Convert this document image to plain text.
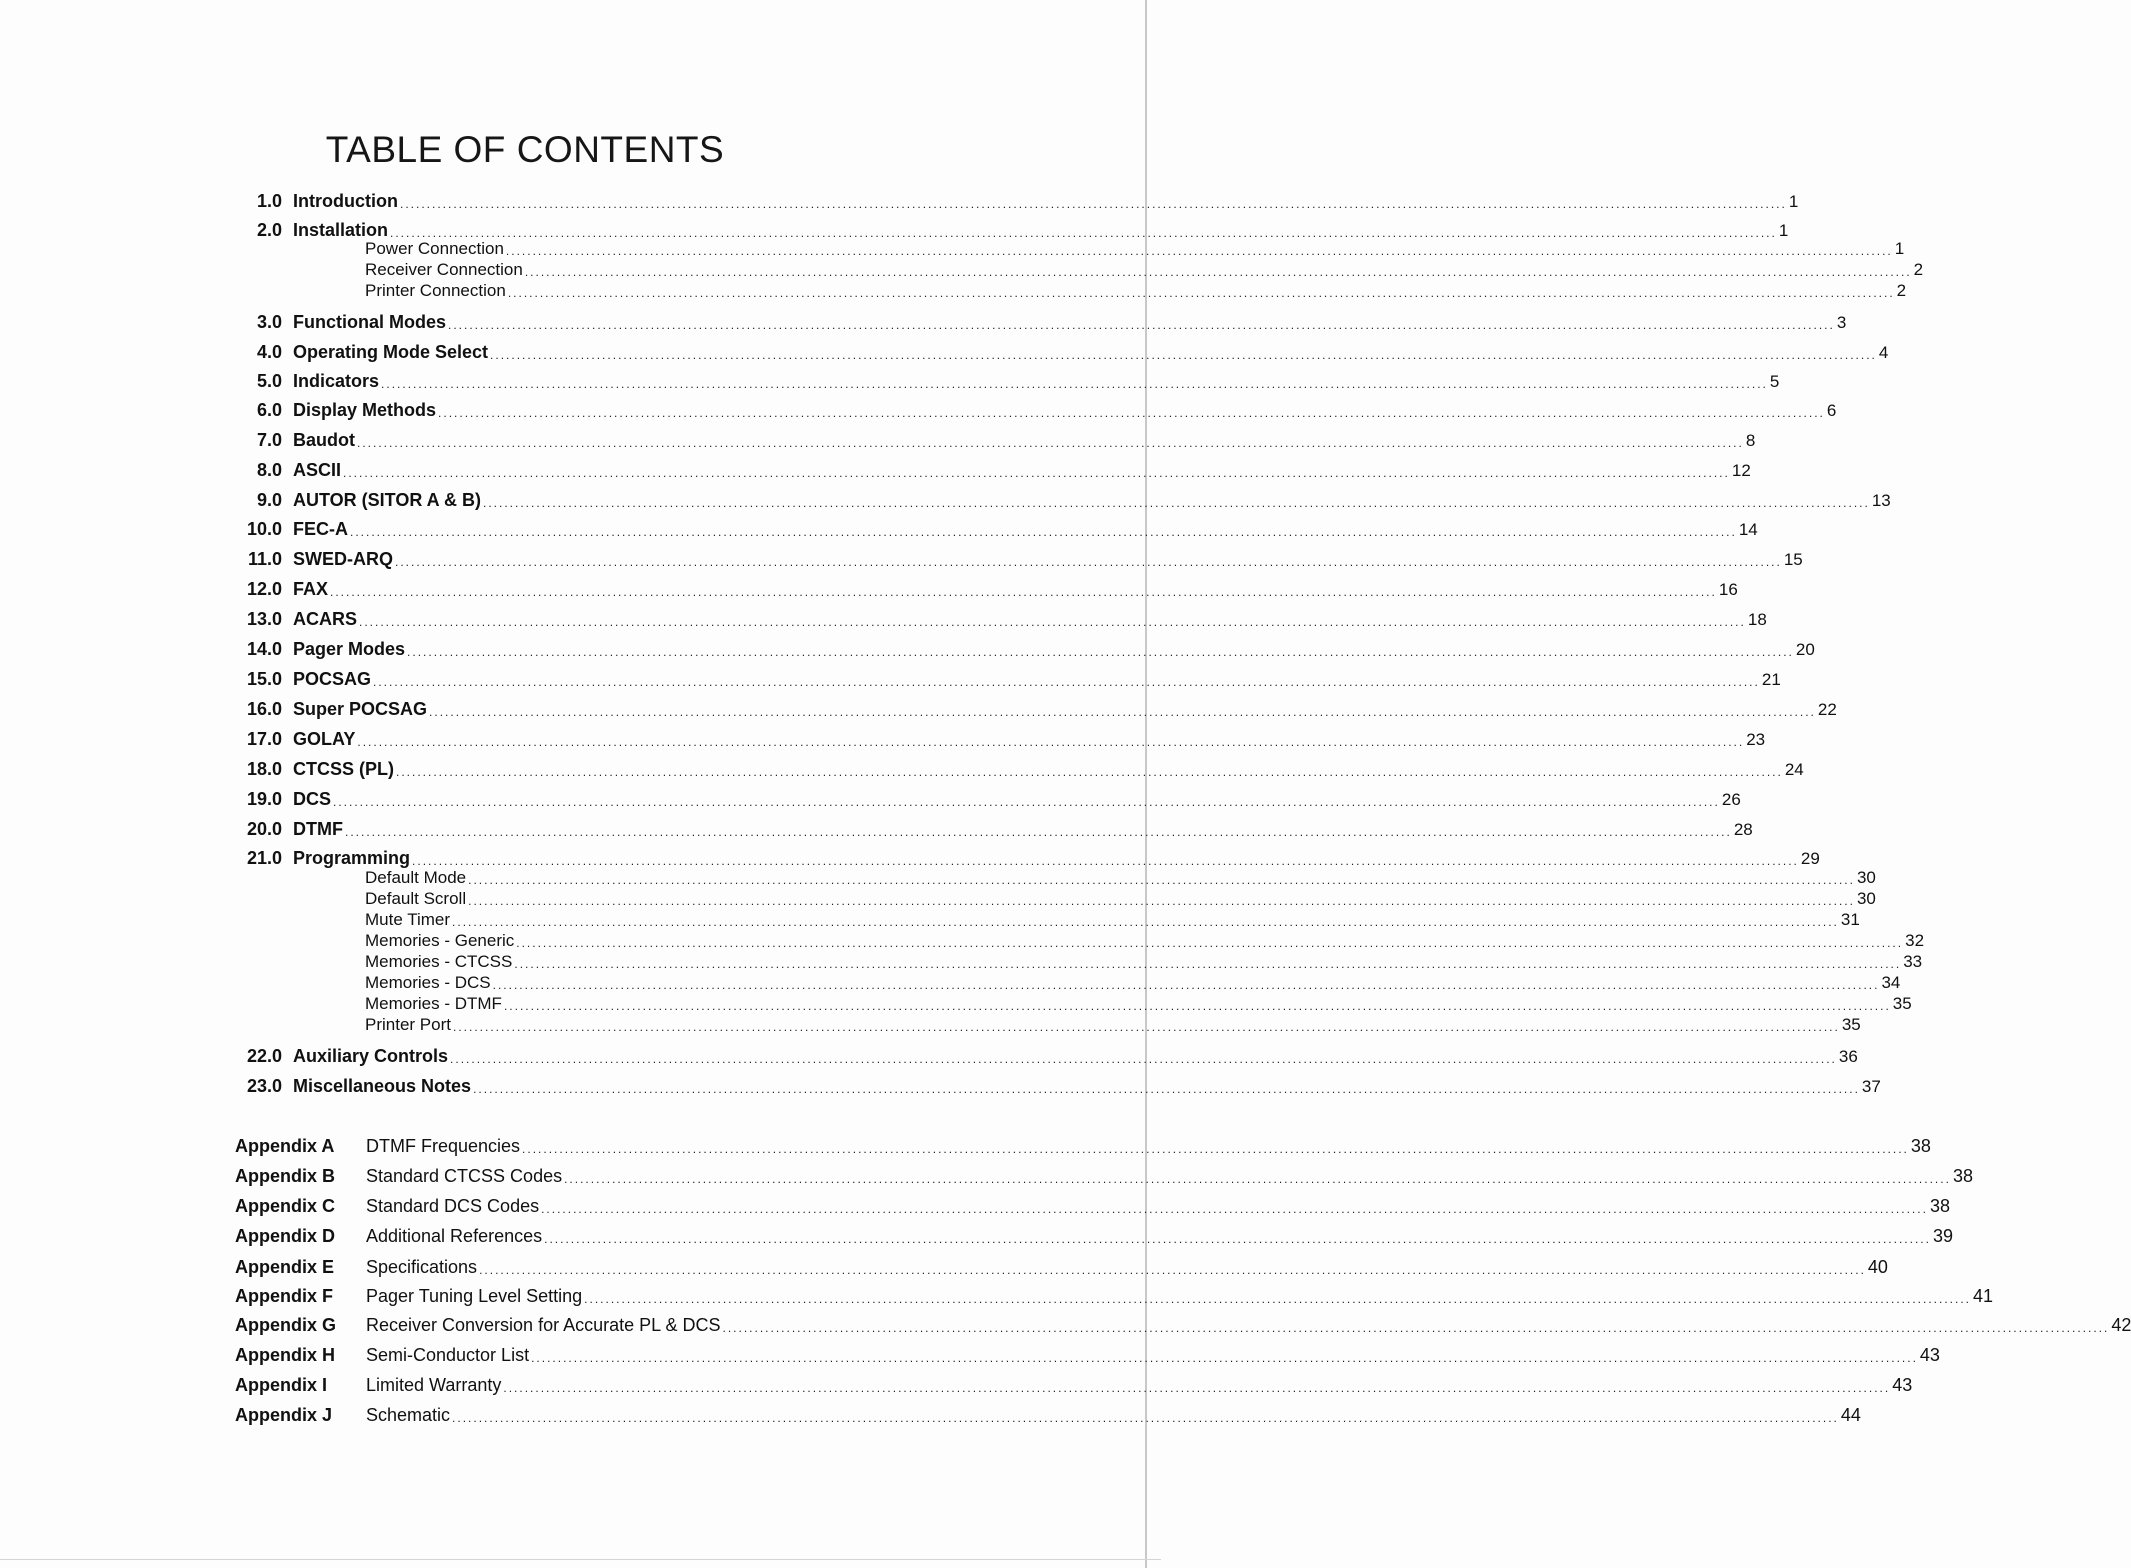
TABLE OF CONTENTS
1.0 Introduction .................................................................................................................................................................................................................................................................... 1
2.0 Installation .................................................................................................................................................................................................................................................................... 1
Power Connection .................................................................................................................................................................................................................................................................... 1
Receiver Connection .................................................................................................................................................................................................................................................................... 2
Printer Connection .................................................................................................................................................................................................................................................................... 2
3.0 Functional Modes .................................................................................................................................................................................................................................................................... 3
4.0 Operating Mode Select .................................................................................................................................................................................................................................................................... 4
5.0 Indicators .................................................................................................................................................................................................................................................................... 5
6.0 Display Methods .................................................................................................................................................................................................................................................................... 6
7.0 Baudot .................................................................................................................................................................................................................................................................... 8
8.0 ASCII .................................................................................................................................................................................................................................................................... 12
9.0 AUTOR (SITOR A & B) .................................................................................................................................................................................................................................................................... 13
10.0 FEC-A .................................................................................................................................................................................................................................................................... 14
11.0 SWED-ARQ .................................................................................................................................................................................................................................................................... 15
12.0 FAX .................................................................................................................................................................................................................................................................... 16
13.0 ACARS .................................................................................................................................................................................................................................................................... 18
14.0 Pager Modes .................................................................................................................................................................................................................................................................... 20
15.0 POCSAG .................................................................................................................................................................................................................................................................... 21
16.0 Super POCSAG .................................................................................................................................................................................................................................................................... 22
17.0 GOLAY .................................................................................................................................................................................................................................................................... 23
18.0 CTCSS (PL) .................................................................................................................................................................................................................................................................... 24
19.0 DCS .................................................................................................................................................................................................................................................................... 26
20.0 DTMF .................................................................................................................................................................................................................................................................... 28
21.0 Programming .................................................................................................................................................................................................................................................................... 29
Default Mode .................................................................................................................................................................................................................................................................... 30
Default Scroll .................................................................................................................................................................................................................................................................... 30
Mute Timer .................................................................................................................................................................................................................................................................... 31
Memories - Generic .................................................................................................................................................................................................................................................................... 32
Memories - CTCSS .................................................................................................................................................................................................................................................................... 33
Memories - DCS .................................................................................................................................................................................................................................................................... 34
Memories - DTMF .................................................................................................................................................................................................................................................................... 35
Printer Port .................................................................................................................................................................................................................................................................... 35
22.0 Auxiliary Controls .................................................................................................................................................................................................................................................................... 36
23.0 Miscellaneous Notes .................................................................................................................................................................................................................................................................... 37
Appendix A DTMF Frequencies .................................................................................................................................................................................................................................................................... 38
Appendix B Standard CTCSS Codes .................................................................................................................................................................................................................................................................... 38
Appendix C Standard DCS Codes .................................................................................................................................................................................................................................................................... 38
Appendix D Additional References .................................................................................................................................................................................................................................................................... 39
Appendix E Specifications .................................................................................................................................................................................................................................................................... 40
Appendix F Pager Tuning Level Setting .................................................................................................................................................................................................................................................................... 41
Appendix G Receiver Conversion for Accurate PL & DCS .................................................................................................................................................................................................................................................................... 42
Appendix H Semi-Conductor List .................................................................................................................................................................................................................................................................... 43
Appendix I Limited Warranty .................................................................................................................................................................................................................................................................... 43
Appendix J Schematic .................................................................................................................................................................................................................................................................... 44
